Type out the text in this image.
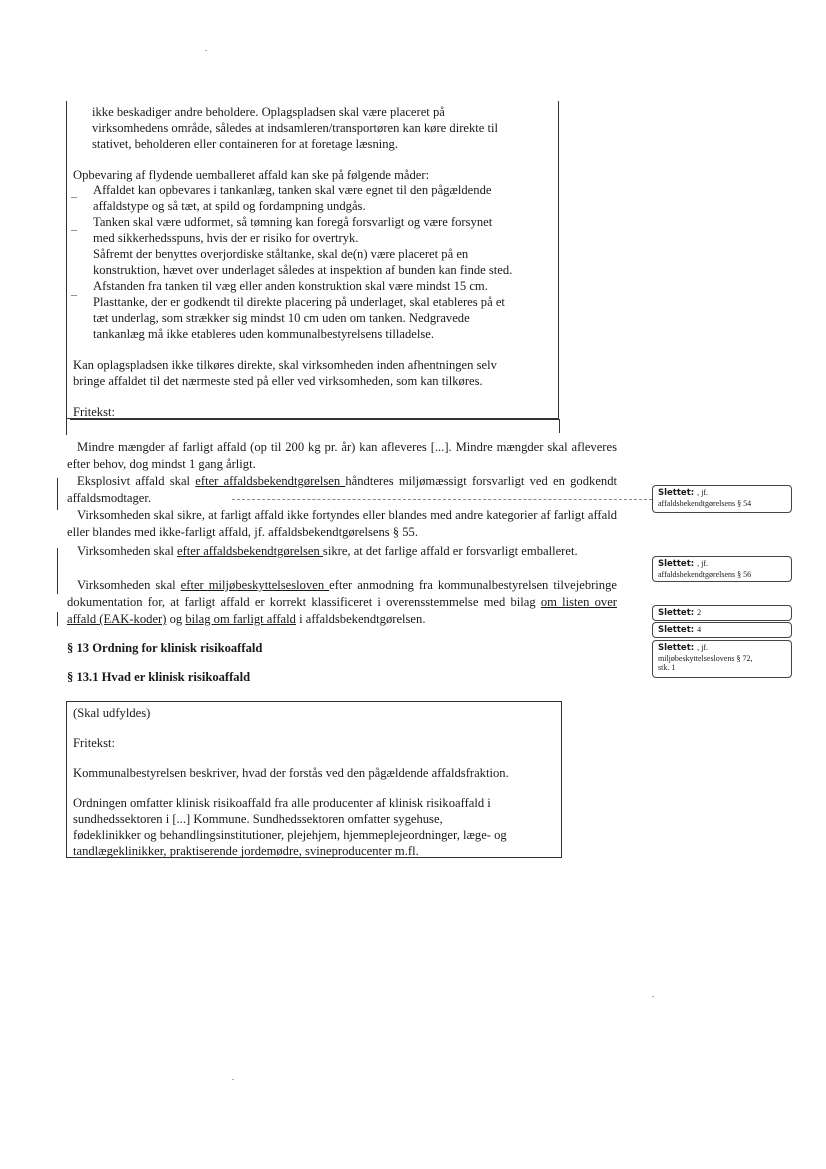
ikke beskadiger andre beholdere. Oplagspladsen skal være placeret på
virksomhedens område, således at indsamleren/transportøren kan køre direkte til
stativet, beholderen eller containeren for at foretage læsning.
Opbevaring af flydende uemballeret affald kan ske på følgende måder:
–
–
–
Affaldet kan opbevares i tankanlæg, tanken skal være egnet til den pågældende
affaldstype og så tæt, at spild og fordampning undgås.
Tanken skal være udformet, så tømning kan foregå forsvarligt og være forsynet
med sikkerhedsspuns, hvis der er risiko for overtryk.
Såfremt der benyttes overjordiske ståltanke, skal de(n) være placeret på en
konstruktion, hævet over underlaget således at inspektion af bunden kan finde sted.
Afstanden fra tanken til væg eller anden konstruktion skal være mindst 15 cm.
Plasttanke, der er godkendt til direkte placering på underlaget, skal etableres på et
tæt underlag, som strækker sig mindst 10 cm uden om tanken. Nedgravede
tankanlæg må ikke etableres uden kommunalbestyrelsens tilladelse.
Kan oplagspladsen ikke tilkøres direkte, skal virksomheden inden afhentningen selv
bringe affaldet til det nærmeste sted på eller ved virksomheden, som kan tilkøres.
Fritekst:
Mindre mængder af farligt affald (op til 200 kg pr. år) kan afleveres [...]. Mindre mængder skal afleveres efter behov, dog mindst 1 gang årligt.
Eksplosivt affald skal efter affaldsbekendtgørelsen håndteres miljømæssigt forsvarligt ved en godkendt affaldsmodtager.
Virksomheden skal sikre, at farligt affald ikke fortyndes eller blandes med andre kategorier af farligt affald eller blandes med ikke-farligt affald, jf. affaldsbekendtgørelsens § 55.
Virksomheden skal efter affaldsbekendtgørelsen sikre, at det farlige affald er forsvarligt emballeret.
Virksomheden skal efter miljøbeskyttelsesloven efter anmodning fra kommunalbestyrelsen tilvejebringe dokumentation for, at farligt affald er korrekt klassificeret i overensstemmelse med bilag om listen over affald (EAK-koder) og bilag om farligt affald i affaldsbekendtgørelsen.
§ 13 Ordning for klinisk risikoaffald
§ 13.1 Hvad er klinisk risikoaffald
(Skal udfyldes)
Fritekst:
Kommunalbestyrelsen beskriver, hvad der forstås ved den pågældende affaldsfraktion.
Ordningen omfatter klinisk risikoaffald fra alle producenter af klinisk risikoaffald i
sundhedssektoren i [...] Kommune. Sundhedssektoren omfatter sygehuse,
fødeklinikker og behandlingsinstitutioner, plejehjem, hjemmeplejeordninger, læge- og
tandlægeklinikker, praktiserende jordemødre, svineproducenter m.fl.
Slettet: , jf.
affaldsbekendtgørelsens § 54
Slettet: , jf.
affaldsbekendtgørelsens § 56
Slettet: 2
Slettet: 4
Slettet: , jf.
miljøbeskyttelseslovens § 72,
stk. 1
